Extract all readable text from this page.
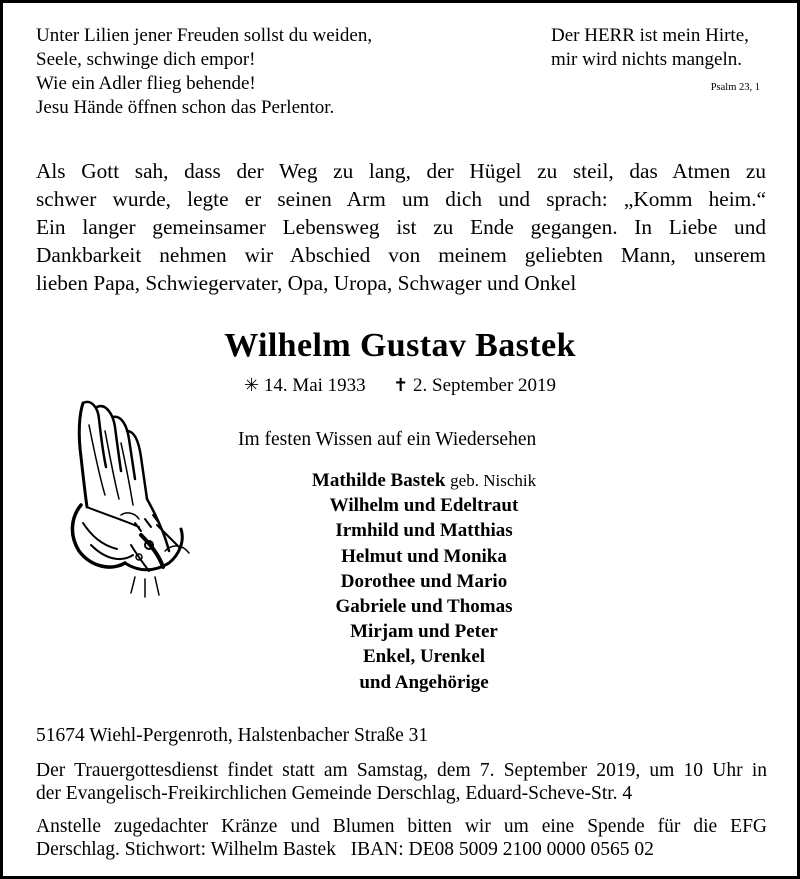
Unter Lilien jener Freuden sollst du weiden,
Seele, schwinge dich empor!
Wie ein Adler flieg behende!
Jesu Hände öffnen schon das Perlentor.
Der HERR ist mein Hirte,
mir wird nichts mangeln.
Psalm 23, 1
Als Gott sah, dass der Weg zu lang, der Hügel zu steil, das Atmen zu
schwer wurde, legte er seinen Arm um dich und sprach: „Komm heim.“
Ein langer gemeinsamer Lebensweg ist zu Ende gegangen. In Liebe und
Dankbarkeit nehmen wir Abschied von meinem geliebten Mann, unserem
lieben Papa, Schwiegervater, Opa, Uropa, Schwager und Onkel
Wilhelm Gustav Bastek
✳ 14. Mai 1933 ✝ 2. September 2019
Im festen Wissen auf ein Wiedersehen
Mathilde Bastek geb. Nischik
Wilhelm und Edeltraut
Irmhild und Matthias
Helmut und Monika
Dorothee und Mario
Gabriele und Thomas
Mirjam und Peter
Enkel, Urenkel
und Angehörige
51674 Wiehl-Pergenroth, Halstenbacher Straße 31
Der Trauergottesdienst findet statt am Samstag, dem 7. September 2019, um 10 Uhr in
der Evangelisch-Freikirchlichen Gemeinde Derschlag, Eduard-Scheve-Str. 4
Anstelle zugedachter Kränze und Blumen bitten wir um eine Spende für die EFG
Derschlag. Stichwort: Wilhelm Bastek   IBAN: DE08 5009 2100 0000 0565 02
